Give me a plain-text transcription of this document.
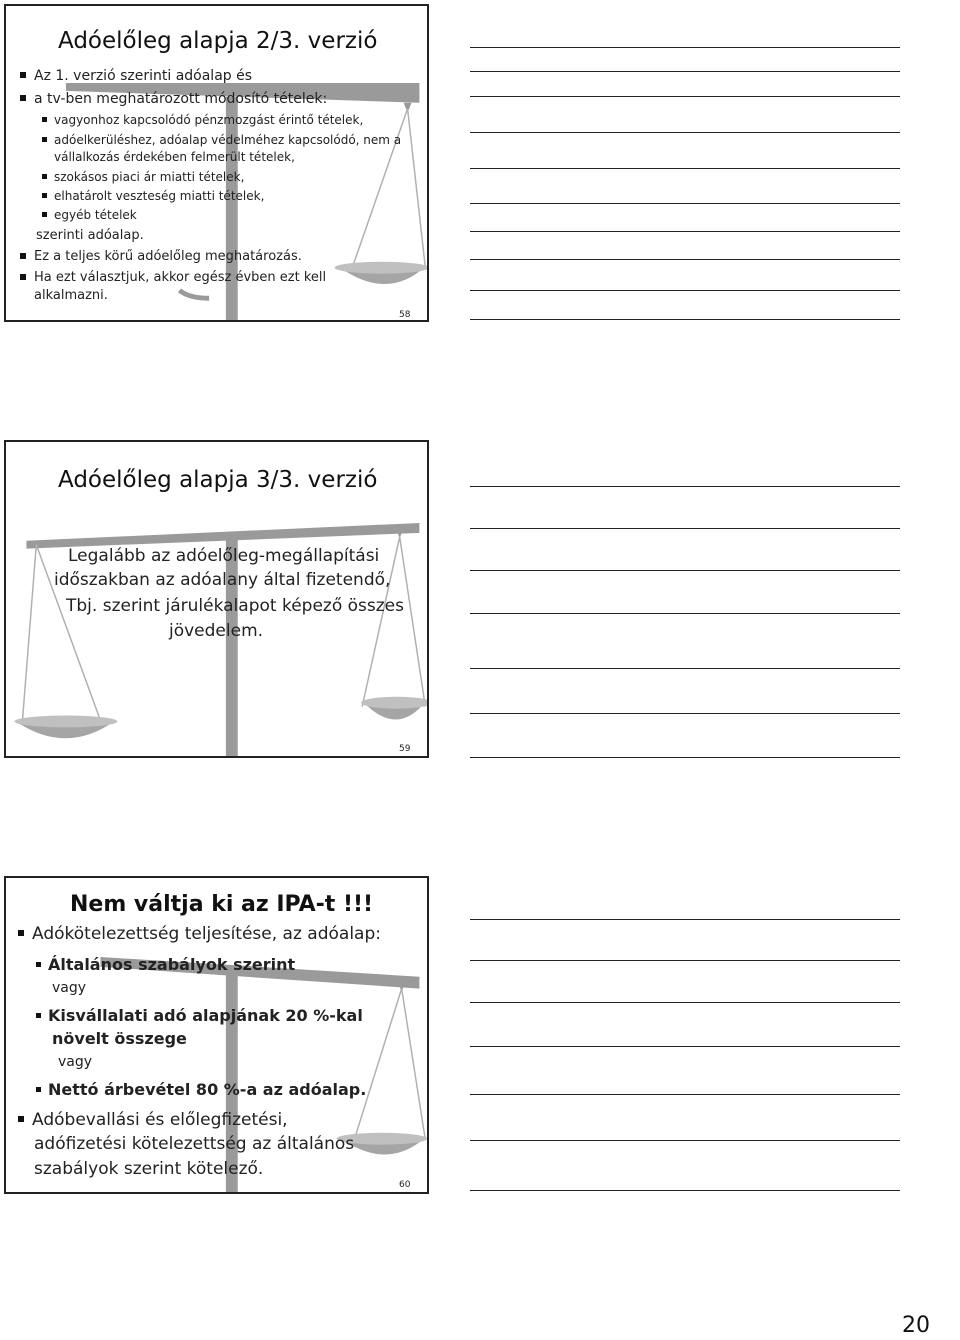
Adóelőleg alapja 2/3. verzió
Az 1. verzió szerinti adóalap és
a tv-ben meghatározott módosító tételek:
vagyonhoz kapcsolódó pénzmozgást érintő tételek,
adóelkerüléshez, adóalap védelméhez kapcsolódó, nem a
vállalkozás érdekében felmerült tételek,
szokásos piaci ár miatti tételek,
elhatárolt veszteség miatti tételek,
egyéb tételek
szerinti adóalap.
Ez a teljes körű adóelőleg meghatározás.
Ha ezt választjuk, akkor egész évben ezt kell
alkalmazni.
58
Adóelőleg alapja 3/3. verzió
Legalább az adóelőleg-megállapítási
időszakban az adóalany által fizetendő,
Tbj. szerint járulékalapot képező összes
jövedelem.
59
Nem váltja ki az IPA-t !!!
Adókötelezettség teljesítése, az adóalap:
Általános szabályok szerint
vagy
Kisvállalati adó alapjának 20 %-kal
növelt összege
vagy
Nettó árbevétel 80 %-a az adóalap.
Adóbevallási és előlegfizetési,
adófizetési kötelezettség az általános
szabályok szerint kötelező.
60
20
